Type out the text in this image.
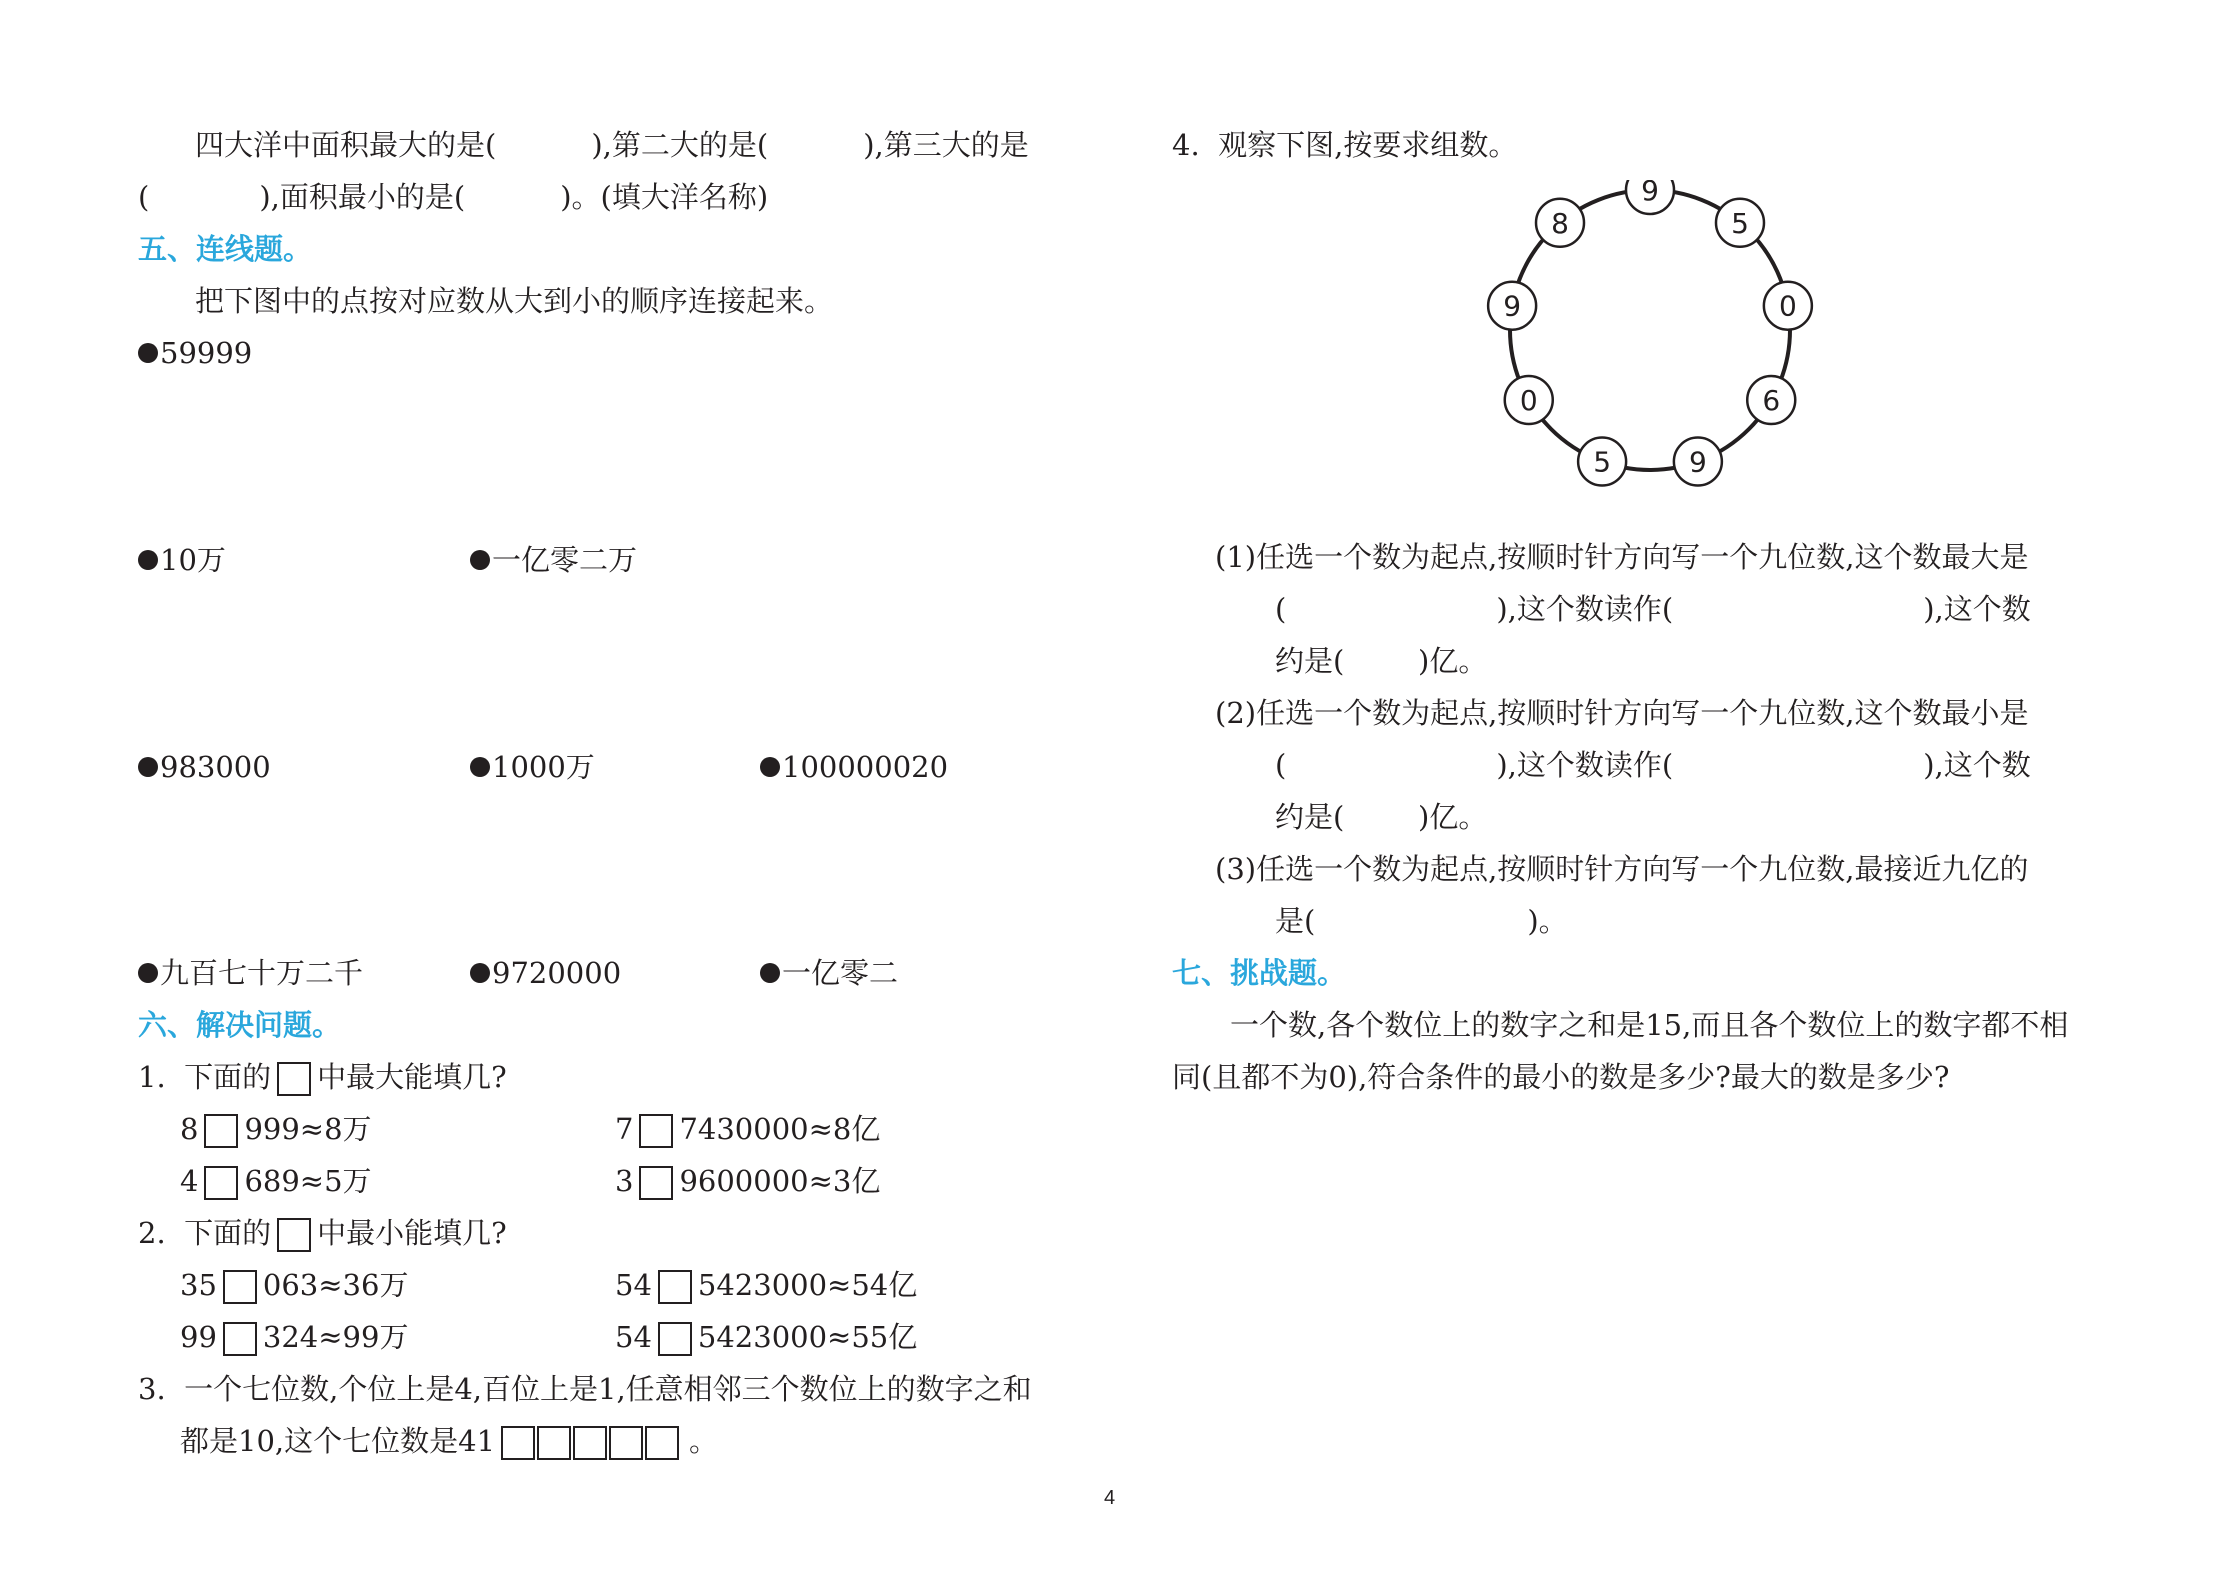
四大洋中面积最大的是(	),第二大的是(	),第三大的是
(	),面积最小的是(	)。(填大洋名称)
五、连线题。
把下图中的点按对应数从大到小的顺序连接起来。
59999
10万	一亿零二万
983000	1000万	100000020
九百七十万二千	9720000	一亿零二
六、解决问题。
1.  下面的 中最大能填几?
8 999≈8万	7 7430000≈8亿
4 689≈5万	3 9600000≈3亿
2.  下面的 中最小能填几?
35 063≈36万	54 5423000≈54亿
99 324≈99万	54 5423000≈55亿
3.  一个七位数,个位上是4,百位上是1,任意相邻三个数位上的数字之和
都是10,这个七位数是41	。
4.  观察下图,按要求组数。
9
5
0
6
9
5
0
9
8
(1)任选一个数为起点,按顺时针方向写一个九位数,这个数最大是
(	),这个数读作(	),这个数
约是(        )亿。
(2)任选一个数为起点,按顺时针方向写一个九位数,这个数最小是
(	),这个数读作(	),这个数
约是(        )亿。
(3)任选一个数为起点,按顺时针方向写一个九位数,最接近九亿的
是(                       )。
七、挑战题。
一个数,各个数位上的数字之和是15,而且各个数位上的数字都不相
同(且都不为0),符合条件的最小的数是多少?最大的数是多少?
4
